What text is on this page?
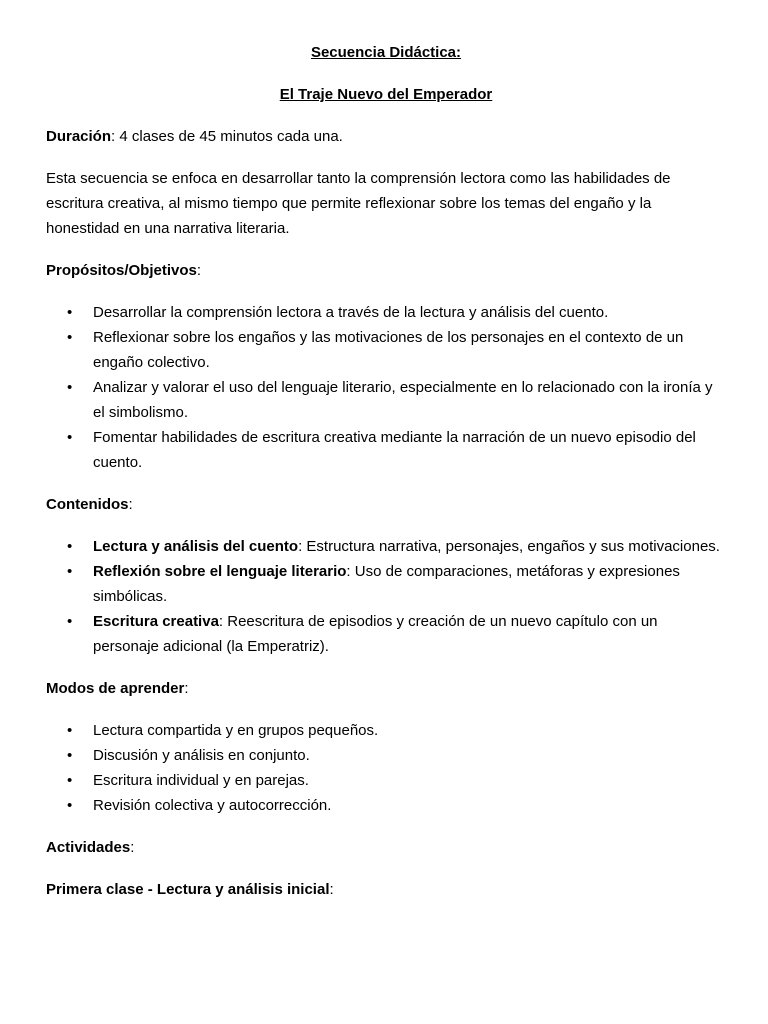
Secuencia Didáctica:

El Traje Nuevo del Emperador

Duración: 4 clases de 45 minutos cada una.

Esta secuencia se enfoca en desarrollar tanto la comprensión lectora como las habilidades de escritura creativa, al mismo tiempo que permite reflexionar sobre los temas del engaño y la honestidad en una narrativa literaria.

Propósitos/Objetivos:

• Desarrollar la comprensión lectora a través de la lectura y análisis del cuento.
• Reflexionar sobre los engaños y las motivaciones de los personajes en el contexto de un engaño colectivo.
• Analizar y valorar el uso del lenguaje literario, especialmente en lo relacionado con la ironía y el simbolismo.
• Fomentar habilidades de escritura creativa mediante la narración de un nuevo episodio del cuento.

Contenidos:

• Lectura y análisis del cuento: Estructura narrativa, personajes, engaños y sus motivaciones.
• Reflexión sobre el lenguaje literario: Uso de comparaciones, metáforas y expresiones simbólicas.
• Escritura creativa: Reescritura de episodios y creación de un nuevo capítulo con un personaje adicional (la Emperatriz).

Modos de aprender:

• Lectura compartida y en grupos pequeños.
• Discusión y análisis en conjunto.
• Escritura individual y en parejas.
• Revisión colectiva y autocorrección.

Actividades:

Primera clase - Lectura y análisis inicial:
